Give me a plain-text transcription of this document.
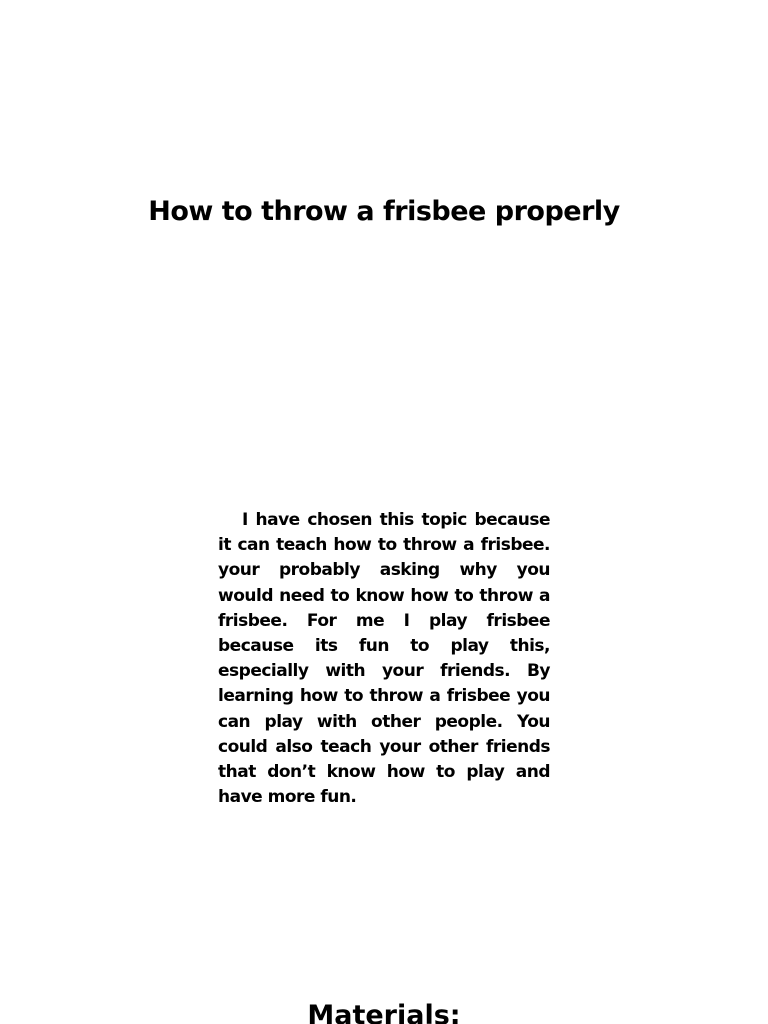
How to throw a frisbee properly

I have chosen this topic because it can teach how to throw a frisbee. your probably asking why you would need to know how to throw a frisbee. For me I play frisbee because its fun to play this, especially with your friends. By learning how to throw a frisbee you can play with other people. You could also teach your other friends that don’t know how to play and have more fun.

Materials:
